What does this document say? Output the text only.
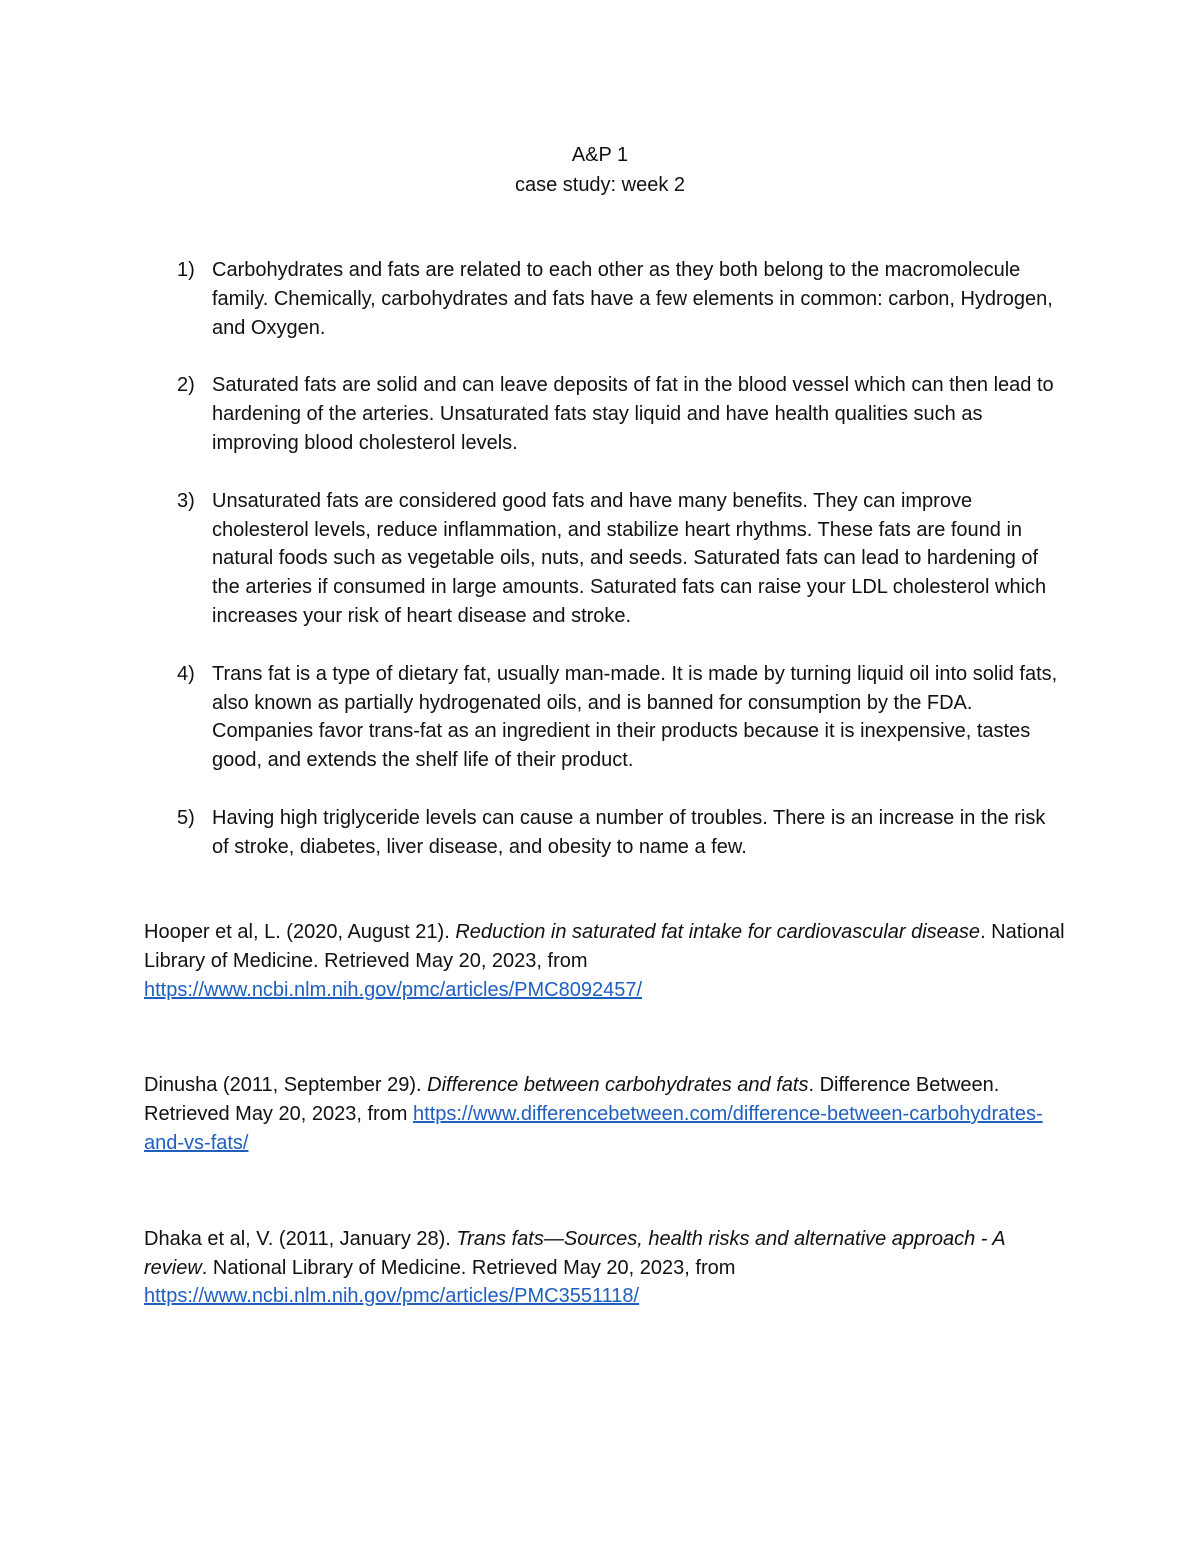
A&P 1
case study: week 2
1) Carbohydrates and fats are related to each other as they both belong to the macromolecule family. Chemically, carbohydrates and fats have a few elements in common: carbon, Hydrogen, and Oxygen.
2) Saturated fats are solid and can leave deposits of fat in the blood vessel which can then lead to hardening of the arteries. Unsaturated fats stay liquid and have health qualities such as improving blood cholesterol levels.
3) Unsaturated fats are considered good fats and have many benefits. They can improve cholesterol levels, reduce inflammation, and stabilize heart rhythms. These fats are found in natural foods such as vegetable oils, nuts, and seeds. Saturated fats can lead to hardening of the arteries if consumed in large amounts. Saturated fats can raise your LDL cholesterol which increases your risk of heart disease and stroke.
4) Trans fat is a type of dietary fat, usually man-made. It is made by turning liquid oil into solid fats, also known as partially hydrogenated oils, and is banned for consumption by the FDA. Companies favor trans-fat as an ingredient in their products because it is inexpensive, tastes good, and extends the shelf life of their product.
5) Having high triglyceride levels can cause a number of troubles. There is an increase in the risk of stroke, diabetes, liver disease, and obesity to name a few.

Hooper et al, L. (2020, August 21). Reduction in saturated fat intake for cardiovascular disease. National Library of Medicine. Retrieved May 20, 2023, from https://www.ncbi.nlm.nih.gov/pmc/articles/PMC8092457/

Dinusha (2011, September 29). Difference between carbohydrates and fats. Difference Between. Retrieved May 20, 2023, from https://www.differencebetween.com/difference-between-carbohydrates-and-vs-fats/

Dhaka et al, V. (2011, January 28). Trans fats—Sources, health risks and alternative approach - A review. National Library of Medicine. Retrieved May 20, 2023, from https://www.ncbi.nlm.nih.gov/pmc/articles/PMC3551118/
